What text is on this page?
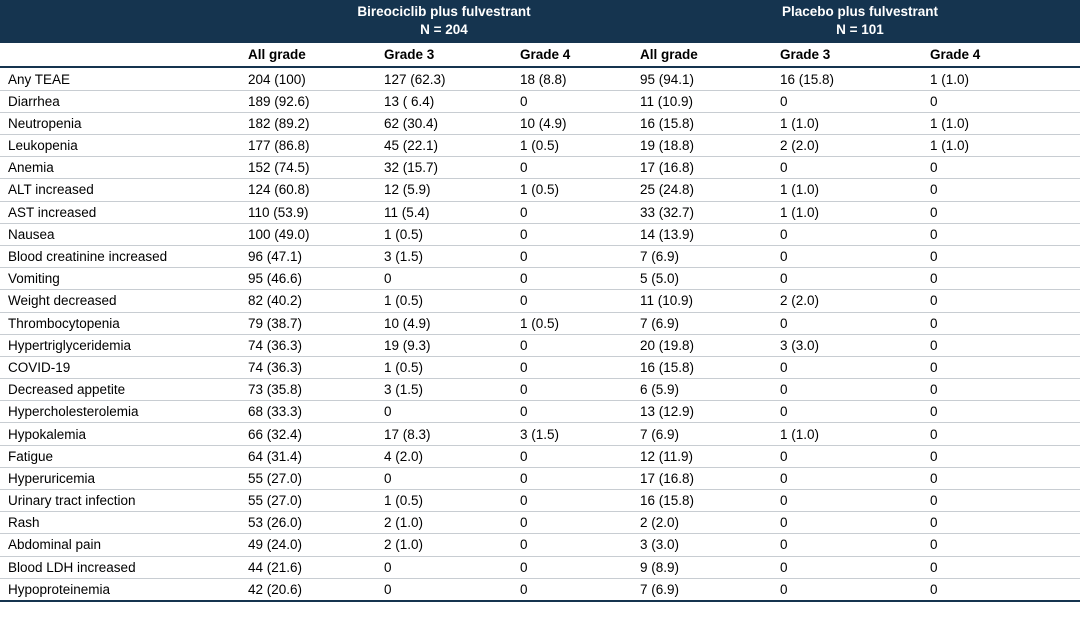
	Bireociclib plus fulvestrant
N = 204			Placebo plus fulvestrant
N = 101		

	All grade	Grade 3	Grade 4	All grade	Grade 3	Grade 4
Any TEAE	204 (100)	127 (62.3)	18 (8.8)	95 (94.1)	16 (15.8)	1 (1.0)
Diarrhea	189 (92.6)	13 ( 6.4)	0	11 (10.9)	0	0
Neutropenia	182 (89.2)	62 (30.4)	10 (4.9)	16 (15.8)	1 (1.0)	1 (1.0)
Leukopenia	177 (86.8)	45 (22.1)	1 (0.5)	19 (18.8)	2 (2.0)	1 (1.0)
Anemia	152 (74.5)	32 (15.7)	0	17 (16.8)	0	0
ALT increased	124 (60.8)	12 (5.9)	1 (0.5)	25 (24.8)	1 (1.0)	0
AST increased	110 (53.9)	11 (5.4)	0	33 (32.7)	1 (1.0)	0
Nausea	100 (49.0)	1 (0.5)	0	14 (13.9)	0	0
Blood creatinine increased	96 (47.1)	3 (1.5)	0	7 (6.9)	0	0
Vomiting	95 (46.6)	0	0	5 (5.0)	0	0
Weight decreased	82 (40.2)	1 (0.5)	0	11 (10.9)	2 (2.0)	0
Thrombocytopenia	79 (38.7)	10 (4.9)	1 (0.5)	7 (6.9)	0	0
Hypertriglyceridemia	74 (36.3)	19 (9.3)	0	20 (19.8)	3 (3.0)	0
COVID-19	74 (36.3)	1 (0.5)	0	16 (15.8)	0	0
Decreased appetite	73 (35.8)	3 (1.5)	0	6 (5.9)	0	0
Hypercholesterolemia	68 (33.3)	0	0	13 (12.9)	0	0
Hypokalemia	66 (32.4)	17 (8.3)	3 (1.5)	7 (6.9)	1 (1.0)	0
Fatigue	64 (31.4)	4 (2.0)	0	12 (11.9)	0	0
Hyperuricemia	55 (27.0)	0	0	17 (16.8)	0	0
Urinary tract infection	55 (27.0)	1 (0.5)	0	16 (15.8)	0	0
Rash	53 (26.0)	2 (1.0)	0	2 (2.0)	0	0
Abdominal pain	49 (24.0)	2 (1.0)	0	3 (3.0)	0	0
Blood LDH increased	44 (21.6)	0	0	9 (8.9)	0	0
Hypoproteinemia	42 (20.6)	0	0	7 (6.9)	0	0
